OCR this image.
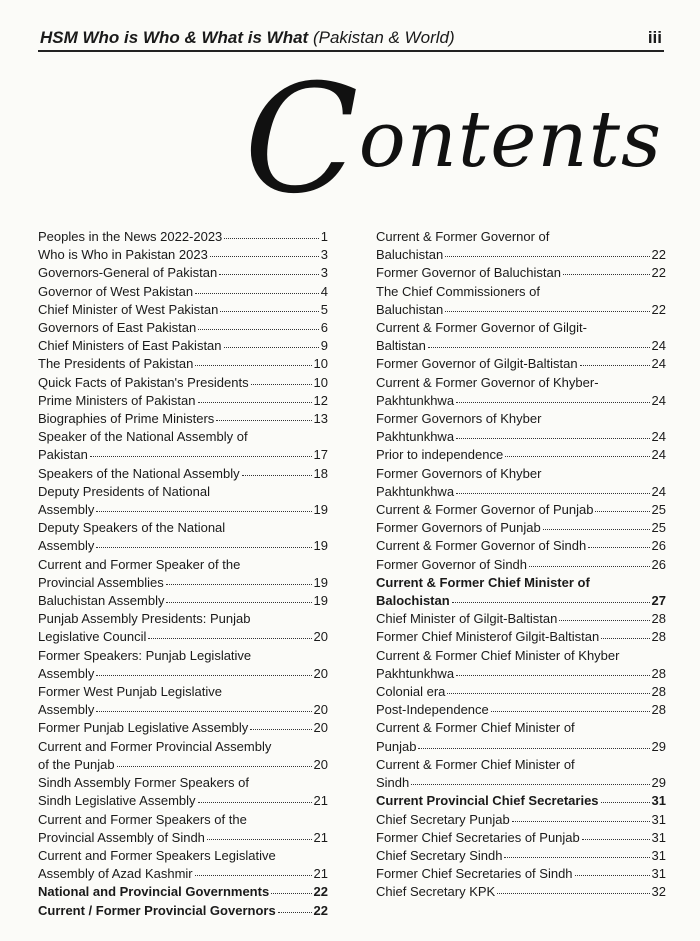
HSM Who is Who & What is What (Pakistan & World)	iii
Contents
Peoples in the News 2022-2023	1
Who is Who in Pakistan 2023	3
Governors-General of Pakistan	3
Governor of West Pakistan	4
Chief Minister of West Pakistan	5
Governors of East Pakistan	6
Chief Ministers of East Pakistan	9
The Presidents of Pakistan	10
Quick Facts of Pakistan's Presidents	10
Prime Ministers of Pakistan	12
Biographies of Prime Ministers	13
Speaker of the National Assembly of
Pakistan	17
Speakers of the National Assembly	18
Deputy Presidents of National
Assembly	19
Deputy Speakers of the National
Assembly	19
Current and Former Speaker of the
Provincial Assemblies	19
Baluchistan Assembly	19
Punjab Assembly Presidents: Punjab
Legislative Council	20
Former Speakers: Punjab Legislative
Assembly	20
Former West Punjab Legislative
Assembly	20
Former Punjab Legislative Assembly	20
Current and Former Provincial Assembly
of the Punjab	20
Sindh Assembly Former Speakers of
Sindh Legislative Assembly	21
Current and Former Speakers of the
Provincial Assembly of Sindh	21
Current and Former Speakers Legislative
Assembly of Azad Kashmir	21
National and Provincial Governments	22
Current / Former Provincial Governors	22
Current & Former Governor of
Baluchistan	22
Former Governor of Baluchistan	22
The Chief Commissioners of
Baluchistan	22
Current & Former Governor of Gilgit-
Baltistan	24
Former Governor of Gilgit-Baltistan	24
Current & Former Governor of Khyber-
Pakhtunkhwa	24
Former Governors of Khyber
Pakhtunkhwa	24
Prior to independence	24
Former Governors of Khyber
Pakhtunkhwa	24
Current & Former Governor of Punjab	25
Former Governors of Punjab	25
Current & Former Governor of Sindh	26
Former Governor of Sindh	26
Current & Former Chief Minister of
Balochistan	27
Chief Minister of Gilgit-Baltistan	28
Former Chief Ministerof Gilgit-Baltistan	28
Current & Former Chief Minister of Khyber
Pakhtunkhwa	28
Colonial era	28
Post-Independence	28
Current & Former Chief Minister of
Punjab	29
Current & Former Chief Minister of
Sindh	29
Current Provincial Chief Secretaries	31
Chief Secretary Punjab	31
Former Chief Secretaries of Punjab	31
Chief Secretary Sindh	31
Former Chief Secretaries of Sindh	31
Chief Secretary KPK	32
